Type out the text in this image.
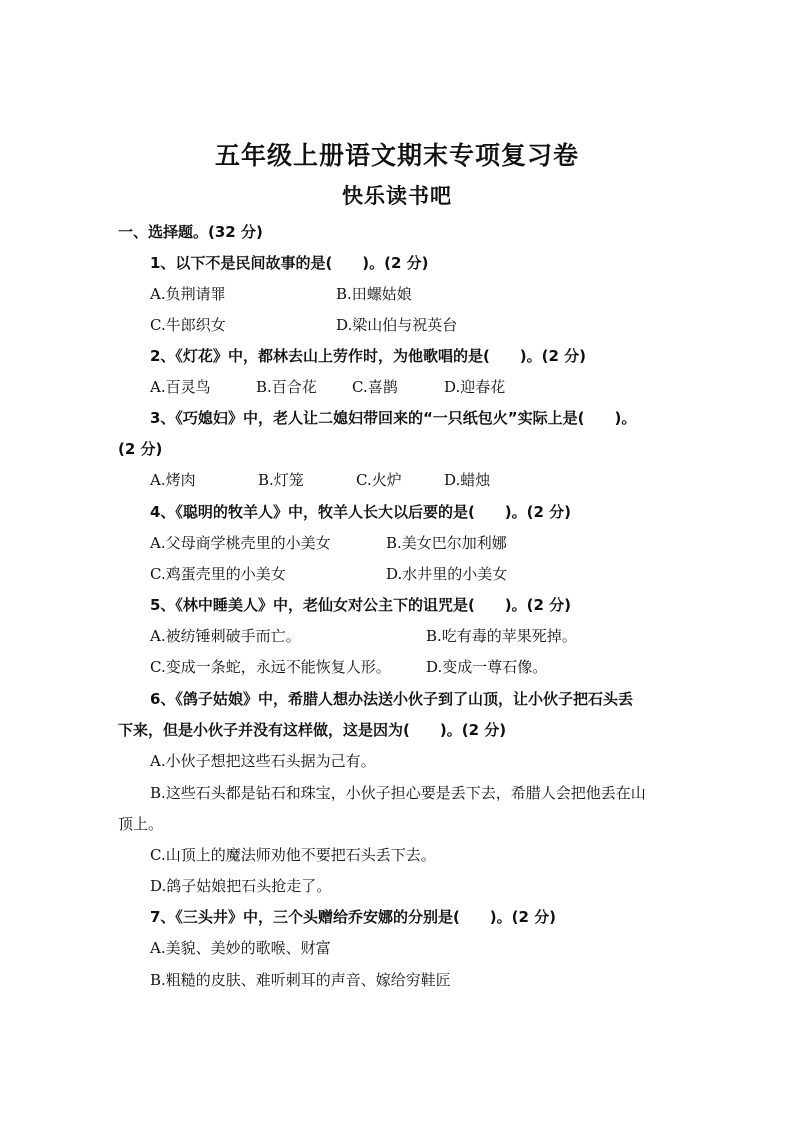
五年级上册语文期末专项复习卷
快乐读书吧
一、选择题。(32 分)
1、以下不是民间故事的是(　　)。(2 分)
A.负荆请罪	B.田螺姑娘
C.牛郎织女	D.梁山伯与祝英台
2、《灯花》中，都林去山上劳作时，为他歌唱的是(　　)。(2 分)
A.百灵鸟	B.百合花 C.喜鹊	D.迎春花
3、《巧媳妇》中，老人让二媳妇带回来的“一只纸包火”实际上是(　　)。
(2 分)
A.烤肉	B.灯笼	C.火炉	D.蜡烛
4、《聪明的牧羊人》中，牧羊人长大以后要的是(　　)。(2 分)
A.父母商学桃壳里的小美女	B.美女巴尔加利娜
C.鸡蛋壳里的小美女	D.水井里的小美女
5、《林中睡美人》中，老仙女对公主下的诅咒是(　　)。(2 分)
A.被纺锤刺破手而亡。	B.吃有毒的苹果死掉。
C.变成一条蛇，永远不能恢复人形。 D.变成一尊石像。
6、《鸽子姑娘》中，希腊人想办法送小伙子到了山顶，让小伙子把石头丢
下来，但是小伙子并没有这样做，这是因为(　　)。(2 分)
A.小伙子想把这些石头据为己有。
B.这些石头都是钻石和珠宝，小伙子担心要是丢下去，希腊人会把他丢在山
顶上。
C.山顶上的魔法师劝他不要把石头丢下去。
D.鸽子姑娘把石头抢走了。
7、《三头井》中，三个头赠给乔安娜的分别是(　　)。(2 分)
A.美貌、美妙的歌喉、财富
B.粗糙的皮肤、难听刺耳的声音、嫁给穷鞋匠
